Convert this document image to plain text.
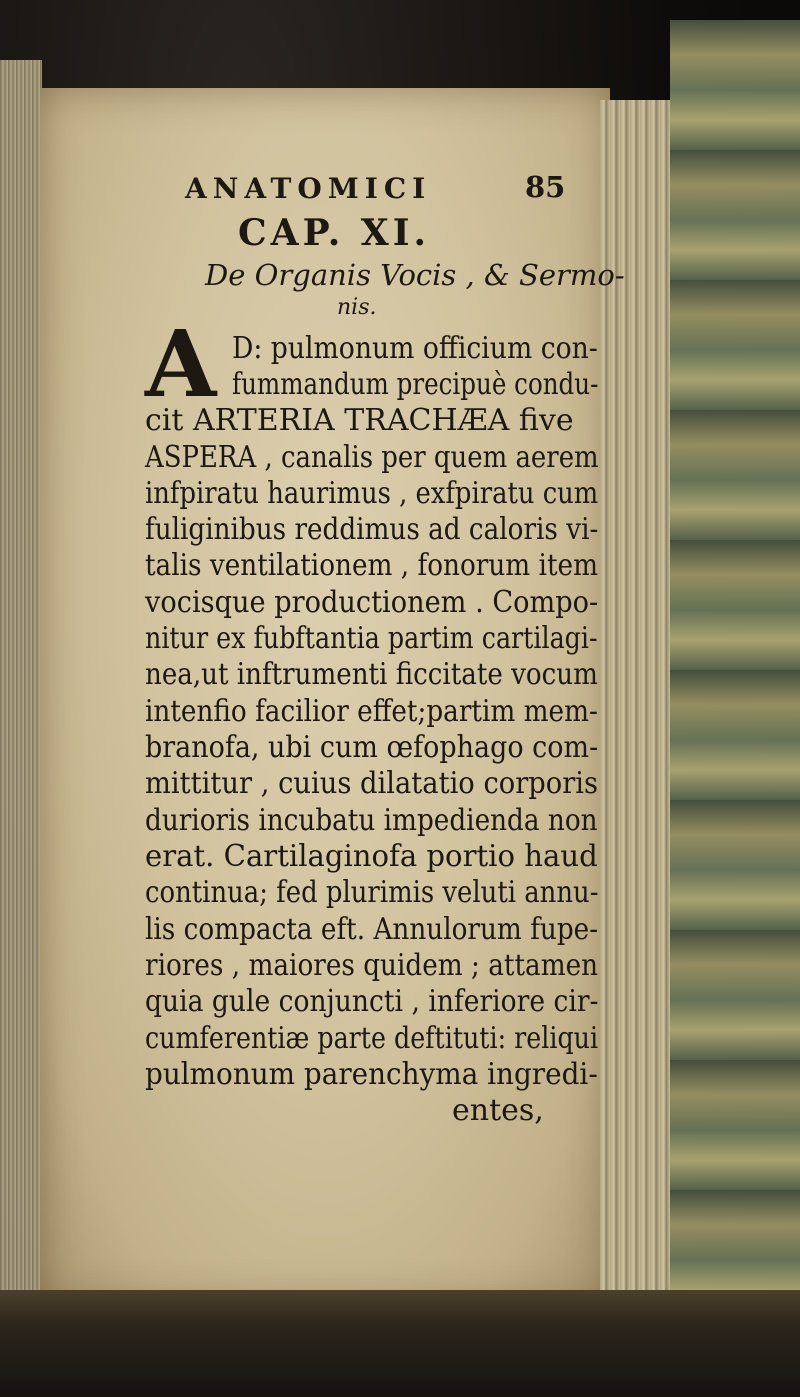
ANATOMICI	85
CAP. XI.
De Organis Vocis , & Sermo-
nis.
A D: pulmonum officium con-
fummandum precipuè condu-
cit ARTERIA TRACHÆA five
ASPERA , canalis per quem aerem
infpiratu haurimus , exfpiratu cum
fuliginibus reddimus ad caloris vi-
talis ventilationem , fonorum item
vocisque productionem . Compo-
nitur ex fubftantia partim cartilagi-
nea,ut inftrumenti ficcitate vocum
intenfio facilior effet;partim mem-
branofa, ubi cum œfophago com-
mittitur , cuius dilatatio corporis
durioris incubatu impedienda non
erat. Cartilaginofa portio haud
continua; fed plurimis veluti annu-
lis compacta eft. Annulorum fupe-
riores , maiores quidem ; attamen
quia gule conjuncti , inferiore cir-
cumferentiæ parte deftituti: reliqui
pulmonum parenchyma ingredi-
entes,
